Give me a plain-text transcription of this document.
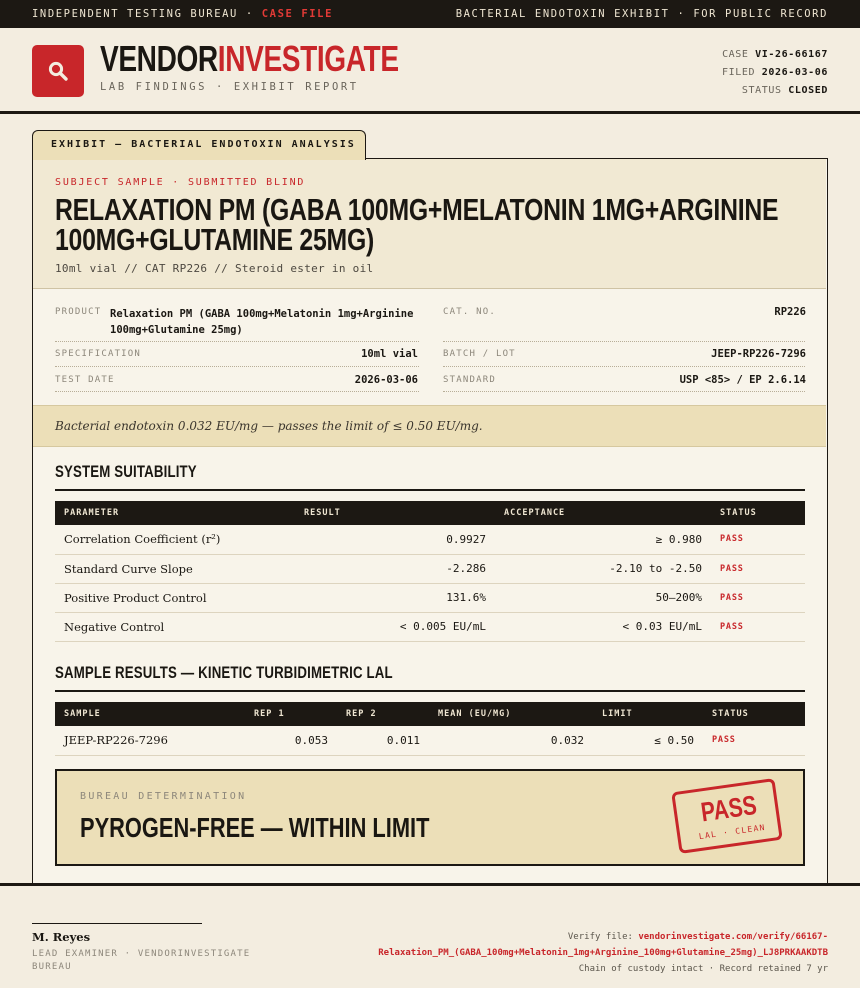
INDEPENDENT TESTING BUREAU · CASE FILE	BACTERIAL ENDOTOXIN EXHIBIT · FOR PUBLIC RECORD
VENDORINVESTIGATE
LAB FINDINGS · EXHIBIT REPORT
CASE VI-26-66167
FILED 2026-03-06
STATUS CLOSED
EXHIBIT — BACTERIAL ENDOTOXIN ANALYSIS
SUBJECT SAMPLE · SUBMITTED BLIND
RELAXATION PM (GABA 100MG+MELATONIN 1MG+ARGININE
100MG+GLUTAMINE 25MG)
10ml vial // CAT RP226 // Steroid ester in oil
PRODUCT Relaxation PM (GABA 100mg+Melatonin 1mg+Arginine
100mg+Glutamine 25mg)
SPECIFICATION	10ml vial
TEST DATE	2026-03-06
CAT. NO.	RP226
BATCH / LOT	JEEP-RP226-7296
STANDARD	USP <85> / EP 2.6.14
Bacterial endotoxin 0.032 EU/mg — passes the limit of ≤ 0.50 EU/mg.
SYSTEM SUITABILITY
PARAMETER	RESULT	ACCEPTANCE	STATUS
Correlation Coefficient (r²)	0.9927	≥ 0.980	PASS
Standard Curve Slope	-2.286	-2.10 to -2.50	PASS
Positive Product Control	131.6%	50–200%	PASS
Negative Control	< 0.005 EU/mL	< 0.03 EU/mL	PASS
SAMPLE RESULTS — KINETIC TURBIDIMETRIC LAL
SAMPLE	REP 1	REP 2	MEAN (EU/MG)	LIMIT	STATUS
JEEP-RP226-7296	0.053	0.011	0.032	≤ 0.50	PASS
BUREAU DETERMINATION
PYROGEN-FREE — WITHIN LIMIT
PASS
LAL · CLEAN
M. Reyes
LEAD EXAMINER · VENDORINVESTIGATE BUREAU
Verify file: vendorinvestigate.com/verify/66167-
Relaxation_PM_(GABA_100mg+Melatonin_1mg+Arginine_100mg+Glutamine_25mg)_LJ8PRKAAKDTB
Chain of custody intact · Record retained 7 yr
